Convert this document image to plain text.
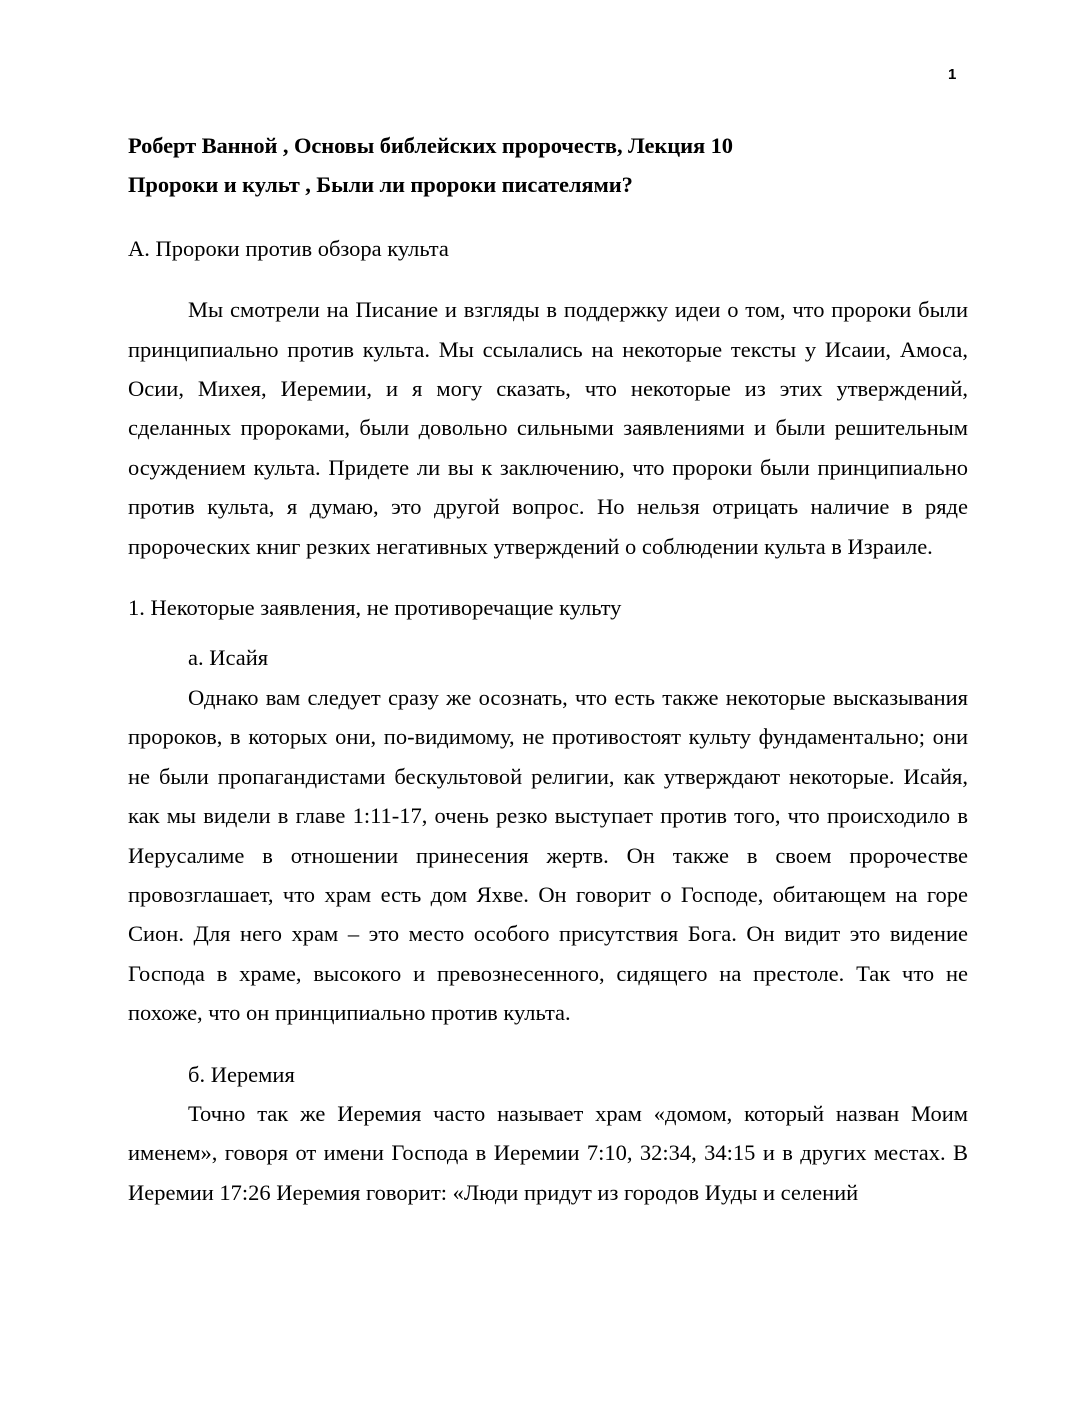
1

Роберт Ванной , Основы библейских пророчеств, Лекция 10

Пророки и культ , Были ли пророки писателями?

А. Пророки против обзора культа

Мы смотрели на Писание и взгляды в поддержку идеи о том, что пророки были принципиально против культа. Мы ссылались на некоторые тексты у Исаии, Амоса, Осии, Михея, Иеремии, и я могу сказать, что некоторые из этих утверждений, сделанных пророками, были довольно сильными заявлениями и были решительным осуждением культа. Придете ли вы к заключению, что пророки были принципиально против культа, я думаю, это другой вопрос. Но нельзя отрицать наличие в ряде пророческих книг резких негативных утверждений о соблюдении культа в Израиле.

1. Некоторые заявления, не противоречащие культу

а. Исайя

Однако вам следует сразу же осознать, что есть также некоторые высказывания пророков, в которых они, по-видимому, не противостоят культу фундаментально; они не были пропагандистами бескультовой религии, как утверждают некоторые. Исайя, как мы видели в главе 1:11-17, очень резко выступает против того, что происходило в Иерусалиме в отношении принесения жертв. Он также в своем пророчестве провозглашает, что храм есть дом Яхве. Он говорит о Господе, обитающем на горе Сион. Для него храм – это место особого присутствия Бога. Он видит это видение Господа в храме, высокого и превознесенного, сидящего на престоле. Так что не похоже, что он принципиально против культа.

б. Иеремия

Точно так же Иеремия часто называет храм «домом, который назван Моим именем», говоря от имени Господа в Иеремии 7:10, 32:34, 34:15 и в других местах. В Иеремии 17:26 Иеремия говорит: «Люди придут из городов Иуды и селений
